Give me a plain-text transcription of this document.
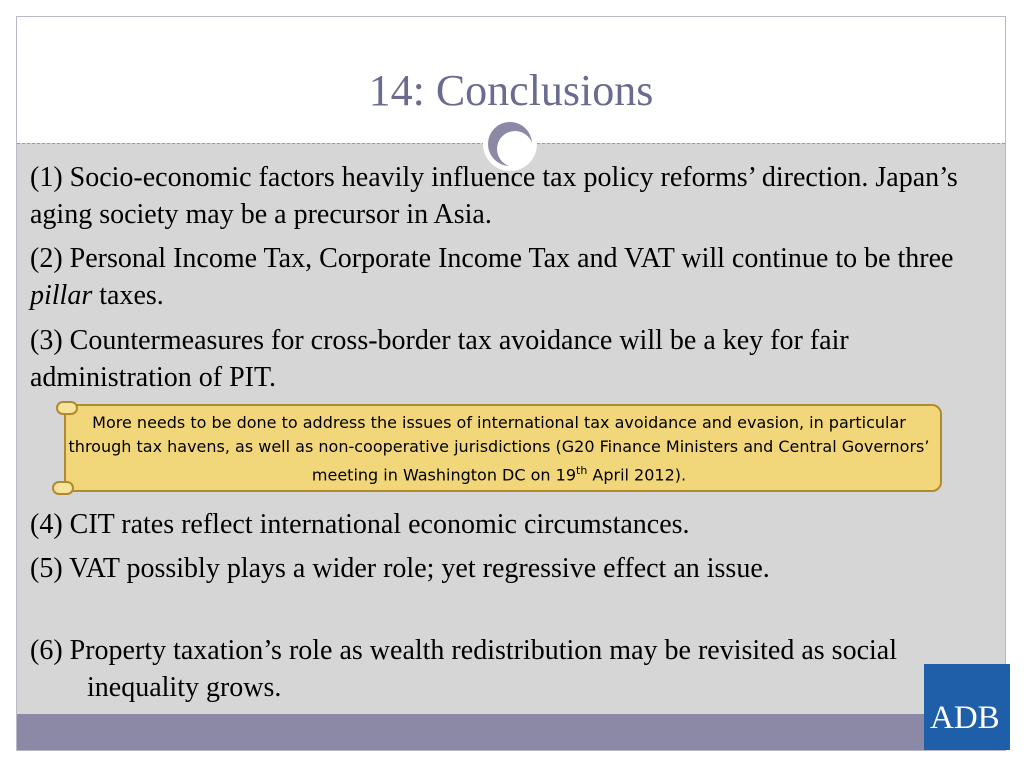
14: Conclusions
(1) Socio-economic factors heavily influence tax policy reforms’ direction. Japan’s aging society may be a precursor in Asia.
(2) Personal Income Tax, Corporate Income Tax and VAT will continue to be three pillar taxes.
(3) Countermeasures for cross-border tax avoidance will be a key for fair administration of PIT.
More needs to be done to address the issues of international tax avoidance and evasion, in particular through tax havens, as well as non-cooperative jurisdictions (G20 Finance Ministers and Central Governors’ meeting in Washington DC on 19th April 2012).
(4) CIT rates reflect international economic circumstances.
(5) VAT possibly plays a wider role; yet regressive effect an issue.
(6) Property taxation’s role as wealth redistribution may be revisited as social inequality grows.
ADB
